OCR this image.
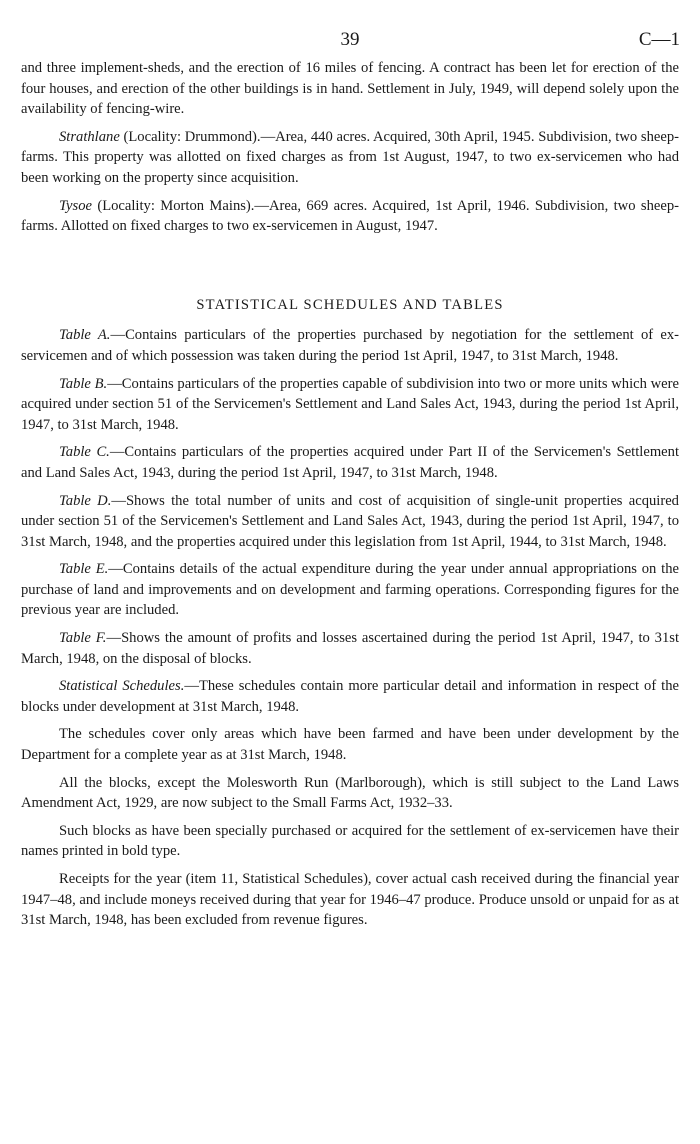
39	C—1

and three implement-sheds, and the erection of 16 miles of fencing. A contract has been let for erection of the four houses, and erection of the other buildings is in hand. Settlement in July, 1949, will depend solely upon the availability of fencing-wire.

Strathlane (Locality: Drummond).—Area, 440 acres. Acquired, 30th April, 1945. Subdivision, two sheep-farms. This property was allotted on fixed charges as from 1st August, 1947, to two ex-servicemen who had been working on the property since acquisition.

Tysoe (Locality: Morton Mains).—Area, 669 acres. Acquired, 1st April, 1946. Subdivision, two sheep-farms. Allotted on fixed charges to two ex-servicemen in August, 1947.

STATISTICAL SCHEDULES AND TABLES

Table A.—Contains particulars of the properties purchased by negotiation for the settlement of ex-servicemen and of which possession was taken during the period 1st April, 1947, to 31st March, 1948.

Table B.—Contains particulars of the properties capable of subdivision into two or more units which were acquired under section 51 of the Servicemen's Settlement and Land Sales Act, 1943, during the period 1st April, 1947, to 31st March, 1948.

Table C.—Contains particulars of the properties acquired under Part II of the Servicemen's Settlement and Land Sales Act, 1943, during the period 1st April, 1947, to 31st March, 1948.

Table D.—Shows the total number of units and cost of acquisition of single-unit properties acquired under section 51 of the Servicemen's Settlement and Land Sales Act, 1943, during the period 1st April, 1947, to 31st March, 1948, and the properties acquired under this legislation from 1st April, 1944, to 31st March, 1948.

Table E.—Contains details of the actual expenditure during the year under annual appropriations on the purchase of land and improvements and on development and farming operations. Corresponding figures for the previous year are included.

Table F.—Shows the amount of profits and losses ascertained during the period 1st April, 1947, to 31st March, 1948, on the disposal of blocks.

Statistical Schedules.—These schedules contain more particular detail and information in respect of the blocks under development at 31st March, 1948.

The schedules cover only areas which have been farmed and have been under development by the Department for a complete year as at 31st March, 1948.

All the blocks, except the Molesworth Run (Marlborough), which is still subject to the Land Laws Amendment Act, 1929, are now subject to the Small Farms Act, 1932–33.

Such blocks as have been specially purchased or acquired for the settlement of ex-servicemen have their names printed in bold type.

Receipts for the year (item 11, Statistical Schedules), cover actual cash received during the financial year 1947–48, and include moneys received during that year for 1946–47 produce. Produce unsold or unpaid for as at 31st March, 1948, has been excluded from revenue figures.
